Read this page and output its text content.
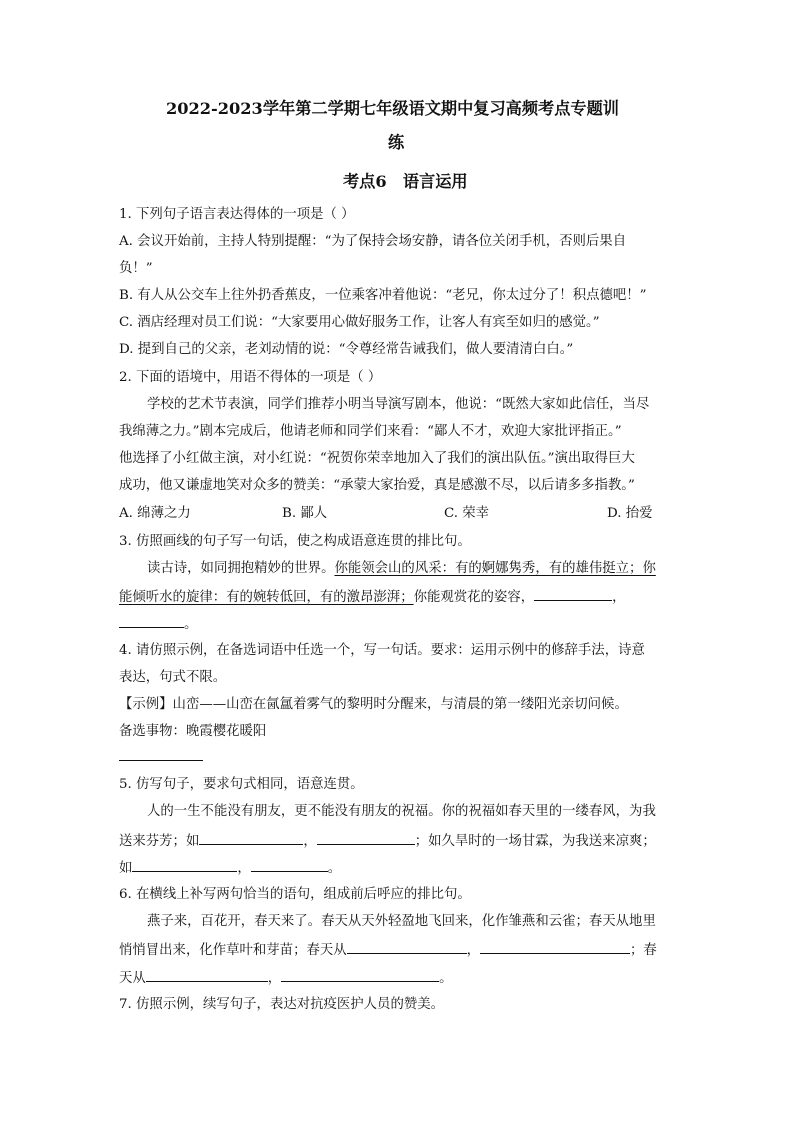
2022-2023学年第二学期七年级语文期中复习高频考点专题训
练
考点6　语言运用
1. 下列句子语言表达得体的一项是（ ）
A. 会议开始前，主持人特别提醒：“为了保持会场安静，请各位关闭手机，否则后果自
负！”
B. 有人从公交车上往外扔香蕉皮，一位乘客冲着他说：“老兄，你太过分了！积点德吧！”
C. 酒店经理对员工们说：“大家要用心做好服务工作，让客人有宾至如归的感觉。”
D. 提到自己的父亲，老刘动情的说：“令尊经常告诫我们，做人要清清白白。”
2. 下面的语境中，用语不得体的一项是（ ）
学校的艺术节表演，同学们推荐小明当导演写剧本，他说：“既然大家如此信任，当尽
我绵薄之力。”剧本完成后，他请老师和同学们来看：“鄙人不才，欢迎大家批评指正。”
他选择了小红做主演，对小红说：“祝贺你荣幸地加入了我们的演出队伍。”演出取得巨大
成功，他又谦虚地笑对众多的赞美：“承蒙大家抬爱，真是感激不尽，以后请多多指教。”
A. 绵薄之力	B. 鄙人	C. 荣幸	D. 抬爱
3. 仿照画线的句子写一句话，使之构成语意连贯的排比句。
读古诗，如同拥抱精妙的世界。你能领会山的风采：有的婀娜隽秀，有的雄伟挺立；你
能倾听水的旋律：有的婉转低回，有的激昂澎湃；你能观赏花的姿容，	，
。
4. 请仿照示例，在备选词语中任选一个，写一句话。要求：运用示例中的修辞手法，诗意
表达，句式不限。
【示例】山峦——山峦在氤氲着雾气的黎明时分醒来，与清晨的第一缕阳光亲切问候。
备选事物：晚霞樱花暖阳
5. 仿写句子，要求句式相同，语意连贯。
人的一生不能没有朋友，更不能没有朋友的祝福。你的祝福如春天里的一缕春风，为我
送来芬芳；如	，	；如久旱时的一场甘霖，为我送来凉爽；
如	，	。
6. 在横线上补写两句恰当的语句，组成前后呼应的排比句。
燕子来，百花开，春天来了。春天从天外轻盈地飞回来，化作雏燕和云雀；春天从地里
悄悄冒出来，化作草叶和芽苗；春天从	，	；春
天从	，	。
7. 仿照示例，续写句子，表达对抗疫医护人员的赞美。
